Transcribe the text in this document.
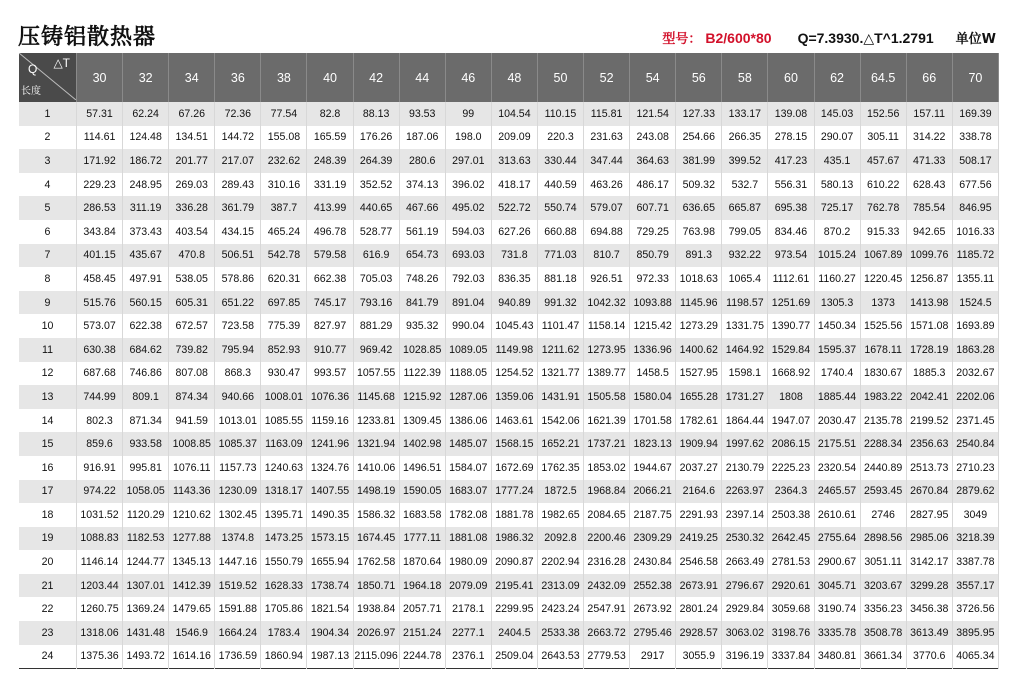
压铸铝散热器	型号： B2/600*80 Q=7.3930.△T^1.2791 单位W
Q △T
长度	30	32	34	36	38	40	42	44	46	48	50	52	54	56	58	60	62	64.5	66	70
1	57.31	62.24	67.26	72.36	77.54	82.8	88.13	93.53	99	104.54	110.15	115.81	121.54	127.33	133.17	139.08	145.03	152.56	157.11	169.39
2	114.61	124.48	134.51	144.72	155.08	165.59	176.26	187.06	198.0	209.09	220.3	231.63	243.08	254.66	266.35	278.15	290.07	305.11	314.22	338.78
3	171.92	186.72	201.77	217.07	232.62	248.39	264.39	280.6	297.01	313.63	330.44	347.44	364.63	381.99	399.52	417.23	435.1	457.67	471.33	508.17
4	229.23	248.95	269.03	289.43	310.16	331.19	352.52	374.13	396.02	418.17	440.59	463.26	486.17	509.32	532.7	556.31	580.13	610.22	628.43	677.56
5	286.53	311.19	336.28	361.79	387.7	413.99	440.65	467.66	495.02	522.72	550.74	579.07	607.71	636.65	665.87	695.38	725.17	762.78	785.54	846.95
6	343.84	373.43	403.54	434.15	465.24	496.78	528.77	561.19	594.03	627.26	660.88	694.88	729.25	763.98	799.05	834.46	870.2	915.33	942.65	1016.33
7	401.15	435.67	470.8	506.51	542.78	579.58	616.9	654.73	693.03	731.8	771.03	810.7	850.79	891.3	932.22	973.54	1015.24	1067.89	1099.76	1185.72
8	458.45	497.91	538.05	578.86	620.31	662.38	705.03	748.26	792.03	836.35	881.18	926.51	972.33	1018.63	1065.4	1112.61	1160.27	1220.45	1256.87	1355.11
9	515.76	560.15	605.31	651.22	697.85	745.17	793.16	841.79	891.04	940.89	991.32	1042.32	1093.88	1145.96	1198.57	1251.69	1305.3	1373	1413.98	1524.5
10	573.07	622.38	672.57	723.58	775.39	827.97	881.29	935.32	990.04	1045.43	1101.47	1158.14	1215.42	1273.29	1331.75	1390.77	1450.34	1525.56	1571.08	1693.89
11	630.38	684.62	739.82	795.94	852.93	910.77	969.42	1028.85	1089.05	1149.98	1211.62	1273.95	1336.96	1400.62	1464.92	1529.84	1595.37	1678.11	1728.19	1863.28
12	687.68	746.86	807.08	868.3	930.47	993.57	1057.55	1122.39	1188.05	1254.52	1321.77	1389.77	1458.5	1527.95	1598.1	1668.92	1740.4	1830.67	1885.3	2032.67
13	744.99	809.1	874.34	940.66	1008.01	1076.36	1145.68	1215.92	1287.06	1359.06	1431.91	1505.58	1580.04	1655.28	1731.27	1808	1885.44	1983.22	2042.41	2202.06
14	802.3	871.34	941.59	1013.01	1085.55	1159.16	1233.81	1309.45	1386.06	1463.61	1542.06	1621.39	1701.58	1782.61	1864.44	1947.07	2030.47	2135.78	2199.52	2371.45
15	859.6	933.58	1008.85	1085.37	1163.09	1241.96	1321.94	1402.98	1485.07	1568.15	1652.21	1737.21	1823.13	1909.94	1997.62	2086.15	2175.51	2288.34	2356.63	2540.84
16	916.91	995.81	1076.11	1157.73	1240.63	1324.76	1410.06	1496.51	1584.07	1672.69	1762.35	1853.02	1944.67	2037.27	2130.79	2225.23	2320.54	2440.89	2513.73	2710.23
17	974.22	1058.05	1143.36	1230.09	1318.17	1407.55	1498.19	1590.05	1683.07	1777.24	1872.5	1968.84	2066.21	2164.6	2263.97	2364.3	2465.57	2593.45	2670.84	2879.62
18	1031.52	1120.29	1210.62	1302.45	1395.71	1490.35	1586.32	1683.58	1782.08	1881.78	1982.65	2084.65	2187.75	2291.93	2397.14	2503.38	2610.61	2746	2827.95	3049
19	1088.83	1182.53	1277.88	1374.8	1473.25	1573.15	1674.45	1777.11	1881.08	1986.32	2092.8	2200.46	2309.29	2419.25	2530.32	2642.45	2755.64	2898.56	2985.06	3218.39
20	1146.14	1244.77	1345.13	1447.16	1550.79	1655.94	1762.58	1870.64	1980.09	2090.87	2202.94	2316.28	2430.84	2546.58	2663.49	2781.53	2900.67	3051.11	3142.17	3387.78
21	1203.44	1307.01	1412.39	1519.52	1628.33	1738.74	1850.71	1964.18	2079.09	2195.41	2313.09	2432.09	2552.38	2673.91	2796.67	2920.61	3045.71	3203.67	3299.28	3557.17
22	1260.75	1369.24	1479.65	1591.88	1705.86	1821.54	1938.84	2057.71	2178.1	2299.95	2423.24	2547.91	2673.92	2801.24	2929.84	3059.68	3190.74	3356.23	3456.38	3726.56
23	1318.06	1431.48	1546.9	1664.24	1783.4	1904.34	2026.97	2151.24	2277.1	2404.5	2533.38	2663.72	2795.46	2928.57	3063.02	3198.76	3335.78	3508.78	3613.49	3895.95
24	1375.36	1493.72	1614.16	1736.59	1860.94	1987.13	2115.096	2244.78	2376.1	2509.04	2643.53	2779.53	2917	3055.9	3196.19	3337.84	3480.81	3661.34	3770.6	4065.34
